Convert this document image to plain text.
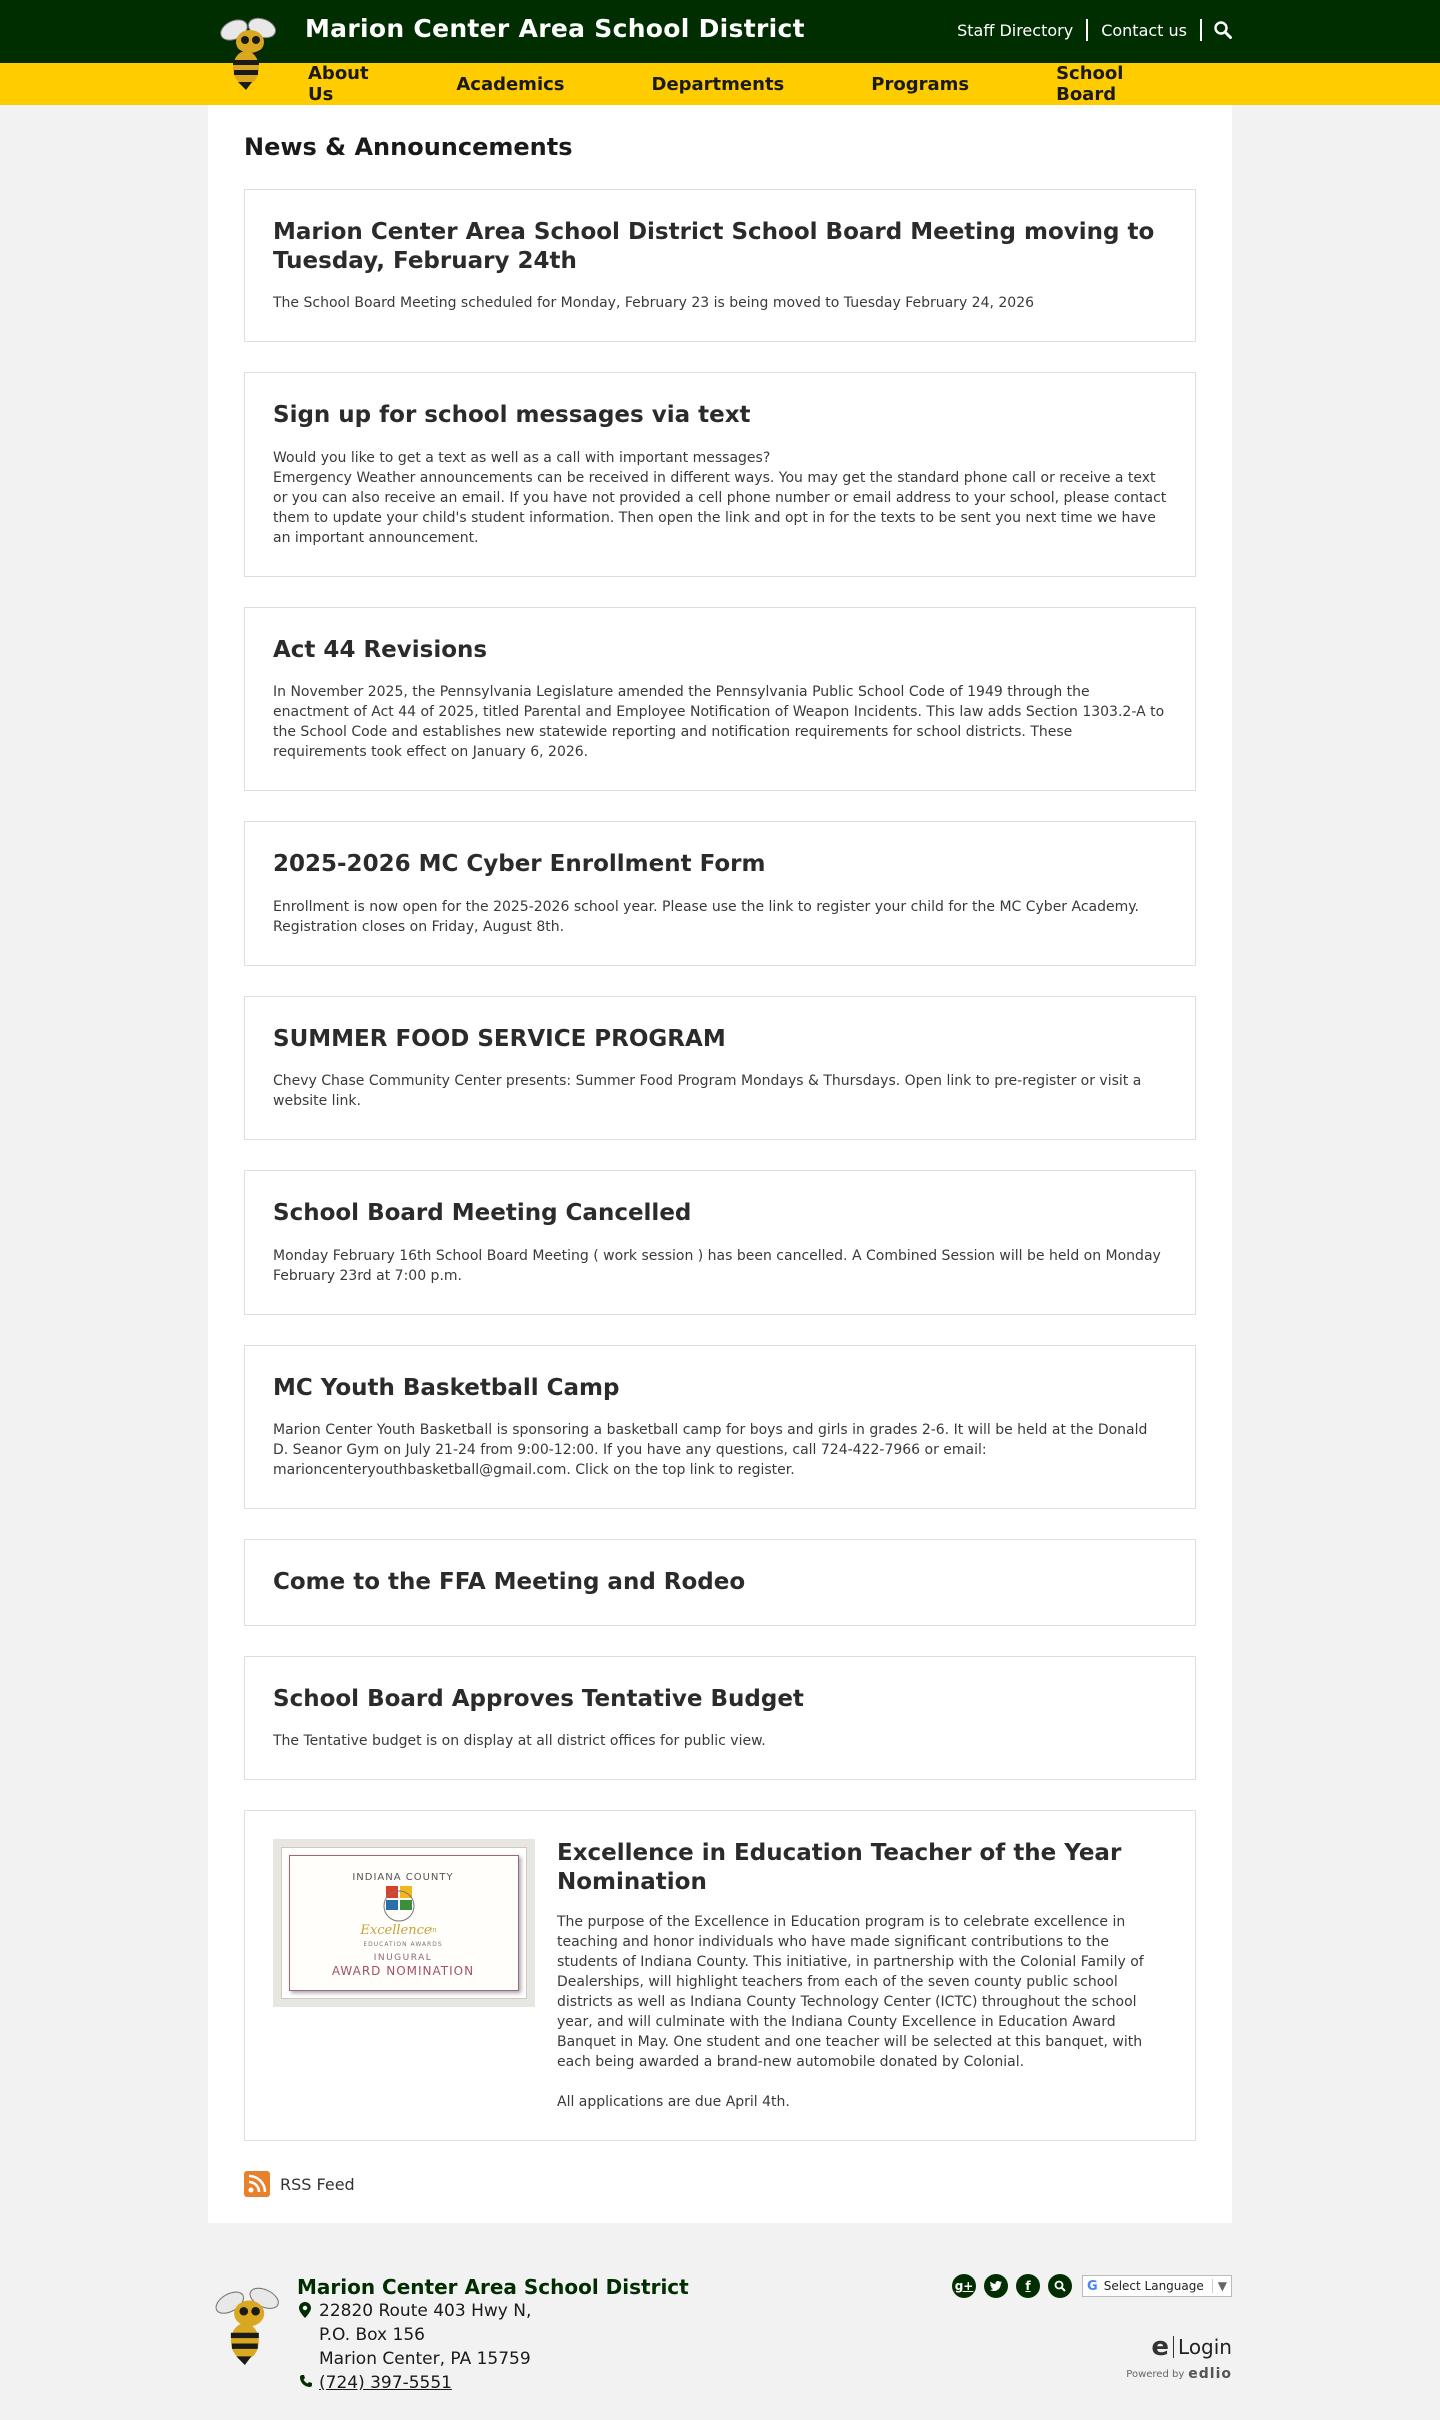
Marion Center Area School District	Staff Directory	Contact us
About Us	Academics	Departments	Programs	School Board
News & Announcements
Marion Center Area School District School Board Meeting moving to Tuesday, February 24th

The School Board Meeting scheduled for Monday, February 23 is being moved to Tuesday February 24, 2026

Sign up for school messages via text

Would you like to get a text as well as a call with important messages?
Emergency Weather announcements can be received in different ways. You may get the standard phone call or receive a text or you can also receive an email. If you have not provided a cell phone number or email address to your school, please contact them to update your child's student information. Then open the link and opt in for the texts to be sent you next time we have an important announcement.

Act 44 Revisions

In November 2025, the Pennsylvania Legislature amended the Pennsylvania Public School Code of 1949 through the enactment of Act 44 of 2025, titled Parental and Employee Notification of Weapon Incidents. This law adds Section 1303.2-A to the School Code and establishes new statewide reporting and notification requirements for school districts. These requirements took effect on January 6, 2026.

2025-2026 MC Cyber Enrollment Form

Enrollment is now open for the 2025-2026 school year. Please use the link to register your child for the MC Cyber Academy. Registration closes on Friday, August 8th.

SUMMER FOOD SERVICE PROGRAM

Chevy Chase Community Center presents: Summer Food Program Mondays & Thursdays. Open link to pre-register or visit a website link.

School Board Meeting Cancelled

Monday February 16th School Board Meeting ( work session ) has been cancelled. A Combined Session will be held on Monday February 23rd at 7:00 p.m.

MC Youth Basketball Camp

Marion Center Youth Basketball is sponsoring a basketball camp for boys and girls in grades 2-6. It will be held at the Donald D. Seanor Gym on July 21-24 from 9:00-12:00. If you have any questions, call 724-422-7966 or email: marioncenteryouthbasketball@gmail.com. Click on the top link to register.

Come to the FFA Meeting and Rodeo
School Board Approves Tentative Budget

The Tentative budget is on display at all district offices for public view.

INDIANA COUNTY
Excellence
in
EDUCATION AWARDS
INUGURAL
AWARD NOMINATION
Excellence in Education Teacher of the Year Nomination

The purpose of the Excellence in Education program is to celebrate excellence in teaching and honor individuals who have made significant contributions to the students of Indiana County. This initiative, in partnership with the Colonial Family of Dealerships, will highlight teachers from each of the seven county public school districts as well as Indiana County Technology Center (ICTC) throughout the school year, and will culminate with the Indiana County Excellence in Education Award Banquet in May. One student and one teacher will be selected at this banquet, with each being awarded a brand-new automobile donated by Colonial.

All applications are due April 4th.

RSS Feed
Marion Center Area School District
22820 Route 403 Hwy N,
P.O. Box 156
Marion Center, PA 15759
(724) 397-5551
g+	f	G Select Language	▼
e Login
Powered by edlio
